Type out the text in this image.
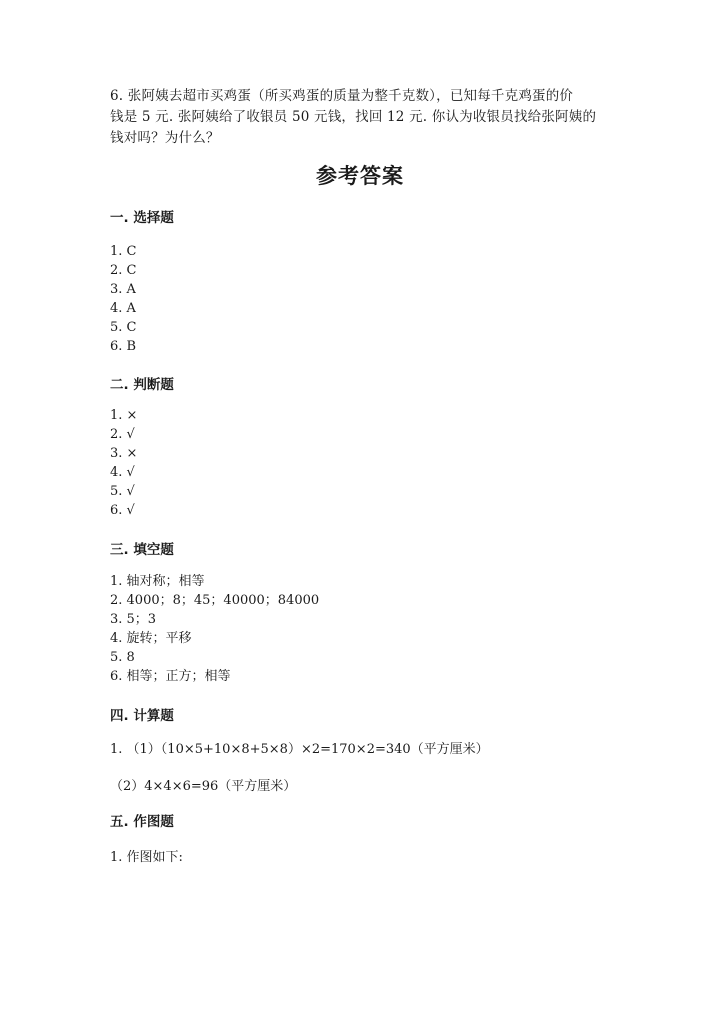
6. 张阿姨去超市买鸡蛋（所买鸡蛋的质量为整千克数），已知每千克鸡蛋的价

钱是 5 元. 张阿姨给了收银员 50 元钱，找回 12 元. 你认为收银员找给张阿姨的

钱对吗？为什么？

参考答案
一. 选择题
1. C
2. C
3. A
4. A
5. C
6. B
二. 判断题
1. ×
2. √
3. ×
4. √
5. √
6. √
三. 填空题
1. 轴对称；相等
2. 4000；8；45；40000；84000
3. 5；3
4. 旋转；平移
5. 8
6. 相等；正方；相等
四. 计算题
1. （1）（10×5+10×8+5×8）×2=170×2=340（平方厘米）
（2）4×4×6=96（平方厘米）
五. 作图题
1. 作图如下:
